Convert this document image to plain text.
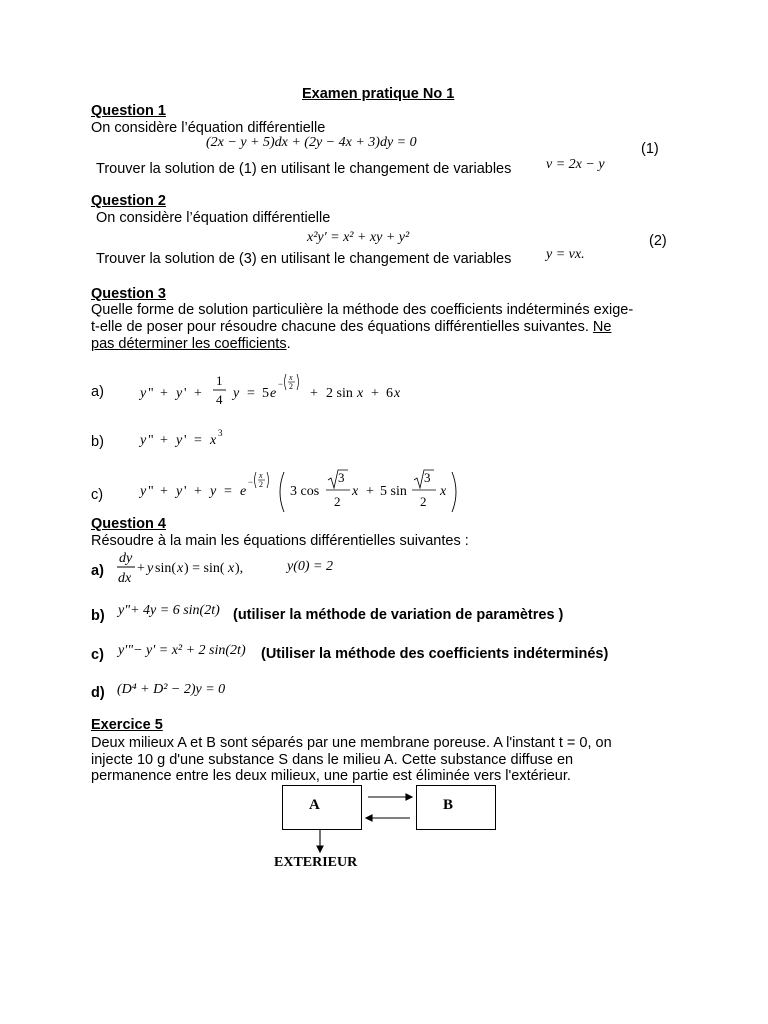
Examen pratique No 1
Question 1
On considère l’équation différentielle
(2x − y + 5)dx + (2y − 4x + 3)dy = 0	(1)
Trouver la solution de (1) en utilisant le changement de variables v = 2x − y
Question 2
On considère l’équation différentielle
x²y' = x² + xy + y²	(2)
Trouver la solution de (3) en utilisant le changement de variables y = vx.
Question 3
Quelle forme de solution particulière la méthode des coefficients indéterminés exige-
t-elle de poser pour résoudre chacune des équations différentielles suivantes. Ne
pas déterminer les coefficients.
a)	y " + y ' +
1
4 y = 5 e
−
x
2 + 2 sin x + 6 x
b)	y " + y ' = x 3
c)	y " + y ' + y = e
−
x
2 3 cos
3
2
x + 5 sin
3
2
x
Question 4
Résoudre à la main les équations différentielles suivantes :
a)
dy
dx
+ y sin( x ) = sin( x ),	y(0) = 2
b) y"+ 4y = 6 sin(2t) (utiliser la méthode de variation de paramètres )
c) y'"− y' = x² + 2 sin(2t) (Utiliser la méthode des coefficients indéterminés)
d) (D⁴ + D² − 2)y = 0
Exercice 5
Deux milieux A et B sont séparés par une membrane poreuse. A l'instant t = 0, on
injecte 10 g d'une substance S dans le milieu A. Cette substance diffuse en
permanence entre les deux milieux, une partie est éliminée vers l'extérieur.
A	B
EXTERIEUR
